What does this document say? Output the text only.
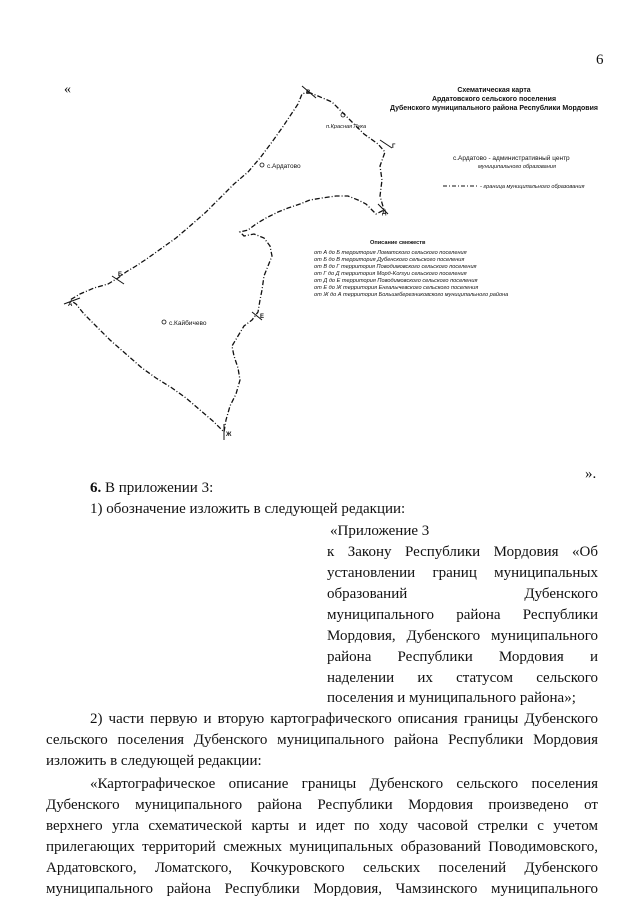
6
«	В
Г
Д
Е
Ж
А
Б
п.Красная Лука
с.Ардатово
с.Кайбичево
Схематическая карта
Ардатовского сельского поселения
Дубенского муниципального района Республики Мордовия
с.Ардатово - административный центр
муниципального образования
- граница муниципального образования
Описание смежеств
от А до Б территория Ломатского сельского поселения
от Б до В территория Дубенского сельского поселения
от В до Г территория Поводимовского сельского поселения
от Г до Д территория Морд-Korsyu сельского поселения
от Д до Е территория Поводимовского сельского поселения
от Е до Ж территория Енгалычевского сельского поселения
от Ж до А территория Большеберезниковского муниципального района
».
6. В приложении 3:
1) обозначение изложить в следующей редакции:
«Приложение 3
к Закону Республики Мордовия «Об
установлении границ муниципальных
образований Дубенского
муниципального района Республики
Мордовия, Дубенского муниципального
района Республики Мордовия и
наделении их статусом сельского
поселения и муниципального района»;
2) части первую и вторую картографического описания границы Дубенского
сельского поселения Дубенского муниципального района Республики Мордовия
изложить в следующей редакции:
«Картографическое описание границы Дубенского сельского поселения
Дубенского муниципального района Республики Мордовия произведено от
верхнего угла схематической карты и идет по ходу часовой стрелки с учетом
прилегающих территорий смежных муниципальных образований Поводимовского,
Ардатовского, Ломатского, Кочкуровского сельских поселений Дубенского
муниципального района Республики Мордовия, Чамзинского муниципального
